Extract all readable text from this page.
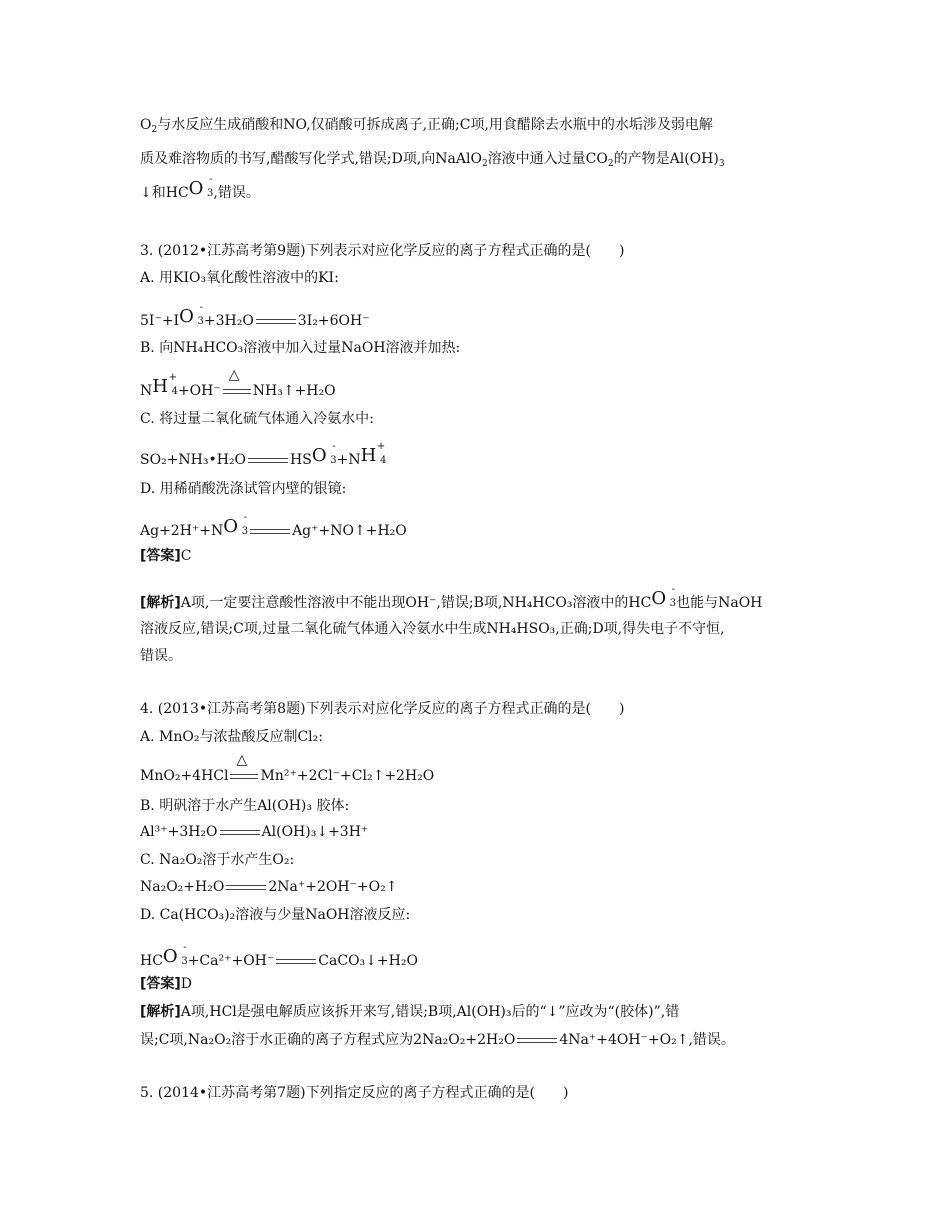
$O_2$与水反应生成硝酸和NO,仅硝酸可拆成离子,正确;C项,用食醋除去水瓶中的水垢涉及弱电解
质及难溶物质的书写,醋酸写化学式,错误;D项,向NaAlO$_2$溶液中通入过量$CO_2$的产物是$Al(OH)_3$
↓和HCO -
3 ,错误。
3. (2012•江苏高考第9题)下列表示对应化学反应的离子方程式正确的是(　　)
A. 用KIO₃氧化酸性溶液中的KI:
5I⁻+IO -
3 +3H₂O	3I₂+6OH⁻
B. 向NH₄HCO₃溶液中加入过量NaOH溶液并加热:
NH +
4 +OH⁻
△
NH₃↑+H₂O
C. 将过量二氧化硫气体通入冷氨水中:
SO₂+NH₃•H₂O	HSO -
3 +NH +
4
D. 用稀硝酸洗涤试管内壁的银镜:
Ag+2H⁺+NO -
3	Ag⁺+NO↑+H₂O
[答案]C
[解析]A项,一定要注意酸性溶液中不能出现OH⁻,错误;B项,NH₄HCO₃溶液中的HCO -
3 也能与NaOH
溶液反应,错误;C项,过量二氧化硫气体通入冷氨水中生成NH₄HSO₃,正确;D项,得失电子不守恒,
错误。
4. (2013•江苏高考第8题)下列表示对应化学反应的离子方程式正确的是(　　)
A. MnO₂与浓盐酸反应制Cl₂:
MnO₂+4HCl
△
Mn²⁺+2Cl⁻+Cl₂↑+2H₂O
B. 明矾溶于水产生Al(OH)₃ 胶体:
Al³⁺+3H₂O	Al(OH)₃↓+3H⁺
C. Na₂O₂溶于水产生O₂:
Na₂O₂+H₂O	2Na⁺+2OH⁻+O₂↑
D. Ca(HCO₃)₂溶液与少量NaOH溶液反应:
HCO -
3 +Ca²⁺+OH⁻	CaCO₃↓+H₂O
[答案]D
[解析]A项,HCl是强电解质应该拆开来写,错误;B项,Al(OH)₃后的“↓”应改为“(胶体)”,错
误;C项,Na₂O₂溶于水正确的离子方程式应为2Na₂O₂+2H₂O	4Na⁺+4OH⁻+O₂↑,错误。
5. (2014•江苏高考第7题)下列指定反应的离子方程式正确的是(　　)
